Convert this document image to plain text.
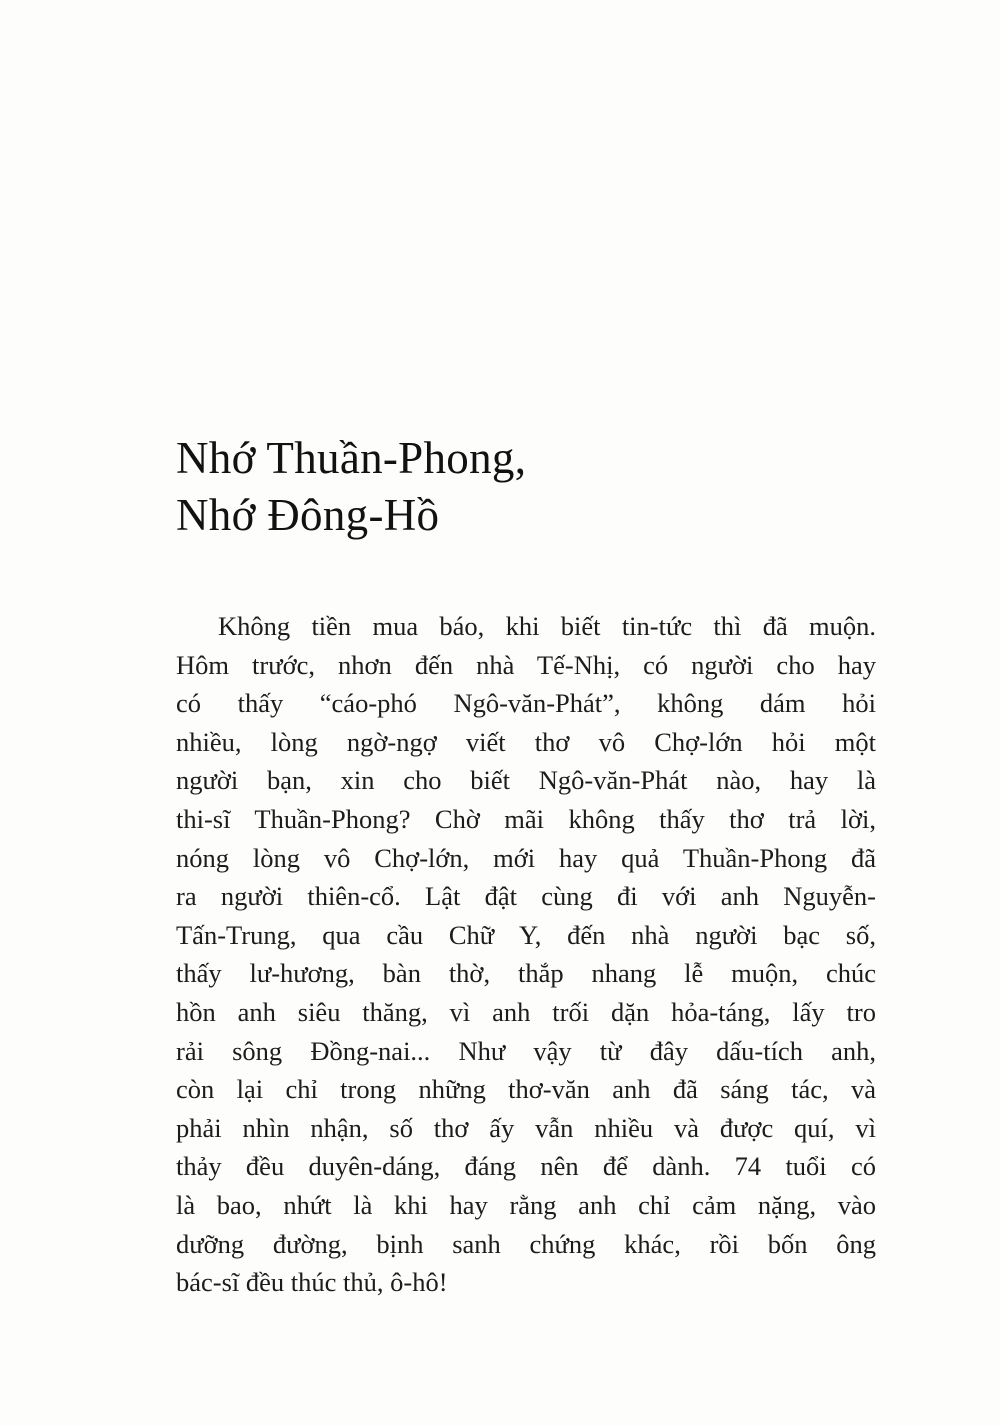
Nhớ Thuần-Phong,
Nhớ Đông-Hồ
Không tiền mua báo, khi biết tin-tức thì đã muộn.
Hôm trước, nhơn đến nhà Tế-Nhị, có người cho hay
có thấy “cáo-phó Ngô-văn-Phát”, không dám hỏi
nhiều, lòng ngờ-ngợ viết thơ vô Chợ-lớn hỏi một
người bạn, xin cho biết Ngô-văn-Phát nào, hay là
thi-sĩ Thuần-Phong? Chờ mãi không thấy thơ trả lời,
nóng lòng vô Chợ-lớn, mới hay quả Thuần-Phong đã
ra người thiên-cổ. Lật đật cùng đi với anh Nguyễn-
Tấn-Trung, qua cầu Chữ Y, đến nhà người bạc số,
thấy lư-hương, bàn thờ, thắp nhang lễ muộn, chúc
hồn anh siêu thăng, vì anh trối dặn hỏa-táng, lấy tro
rải sông Đồng-nai... Như vậy từ đây dấu-tích anh,
còn lại chỉ trong những thơ-văn anh đã sáng tác, và
phải nhìn nhận, số thơ ấy vẫn nhiều và được quí, vì
thảy đều duyên-dáng, đáng nên để dành. 74 tuổi có
là bao, nhứt là khi hay rằng anh chỉ cảm nặng, vào
dưỡng đường, bịnh sanh chứng khác, rồi bốn ông
bác-sĩ đều thúc thủ, ô-hô!
